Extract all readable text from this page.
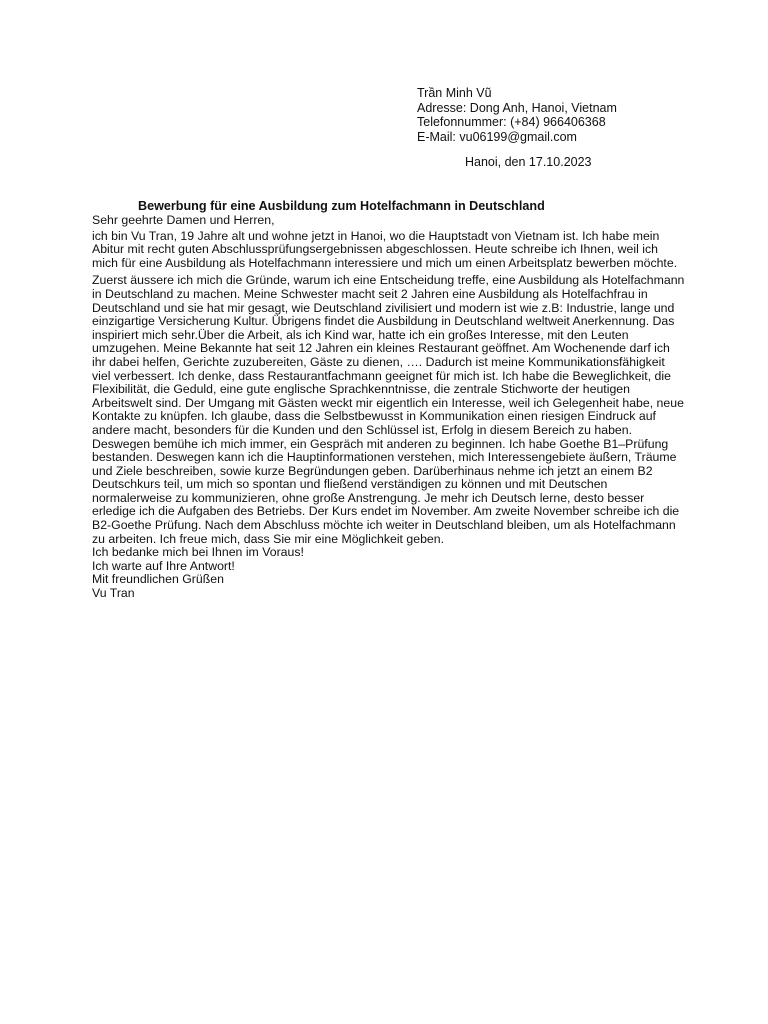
Trần Minh Vũ
Adresse: Dong Anh, Hanoi, Vietnam
Telefonnummer: (+84) 966406368
E-Mail: vu06199@gmail.com
Hanoi, den 17.10.2023
Bewerbung für eine Ausbildung zum Hotelfachmann in Deutschland

Sehr geehrte Damen und Herren,

ich bin Vu Tran, 19 Jahre alt und wohne jetzt in Hanoi, wo die Hauptstadt von Vietnam ist. Ich habe mein Abitur mit recht guten Abschlussprüfungsergebnissen abgeschlossen. Heute schreibe ich Ihnen, weil ich mich für eine Ausbildung als Hotelfachmann interessiere und mich um einen Arbeitsplatz bewerben möchte.

Zuerst äussere ich mich die Gründe, warum ich eine Entscheidung treffe, eine Ausbildung als Hotelfachmann in Deutschland zu machen. Meine Schwester macht seit 2 Jahren eine Ausbildung als Hotelfachfrau in Deutschland und sie hat mir gesagt, wie Deutschland zivilisiert und modern ist wie z.B: Industrie, lange und einzigartige Versicherung Kultur. Übrigens findet die Ausbildung in Deutschland weltweit Anerkennung. Das inspiriert mich sehr.Über die Arbeit, als ich Kind war, hatte ich ein großes Interesse, mit den Leuten umzugehen. Meine Bekannte hat seit 12 Jahren ein kleines Restaurant geöffnet. Am Wochenende darf ich ihr dabei helfen, Gerichte zuzubereiten, Gäste zu dienen, …. Dadurch ist meine Kommunikationsfähigkeit viel verbessert. Ich denke, dass Restaurantfachmann geeignet für mich ist. Ich habe die Beweglichkeit, die Flexibilität, die Geduld, eine gute englische Sprachkenntnisse, die zentrale Stichworte der heutigen Arbeitswelt sind. Der Umgang mit Gästen weckt mir eigentlich ein Interesse, weil ich Gelegenheit habe, neue Kontakte zu knüpfen. Ich glaube, dass die Selbstbewusst in Kommunikation einen riesigen Eindruck auf andere macht, besonders für die Kunden und den Schlüssel ist, Erfolg in diesem Bereich zu haben. Deswegen bemühe ich mich immer, ein Gespräch mit anderen zu beginnen. Ich habe Goethe B1–Prüfung bestanden. Deswegen kann ich die Hauptinformationen verstehen, mich Interessengebiete äußern, Träume und Ziele beschreiben, sowie kurze Begründungen geben. Darüberhinaus nehme ich jetzt an einem B2 Deutschkurs teil, um mich so spontan und fließend verständigen zu können und mit Deutschen normalerweise zu kommunizieren, ohne große Anstrengung. Je mehr ich Deutsch lerne, desto besser erledige ich die Aufgaben des Betriebs. Der Kurs endet im November. Am zweite November schreibe ich die B2-Goethe Prüfung. Nach dem Abschluss möchte ich weiter in Deutschland bleiben, um als Hotelfachmann zu arbeiten. Ich freue mich, dass Sie mir eine Möglichkeit geben.

Ich bedanke mich bei Ihnen im Voraus!

Ich warte auf Ihre Antwort!

Mit freundlichen Grüßen

Vu Tran
